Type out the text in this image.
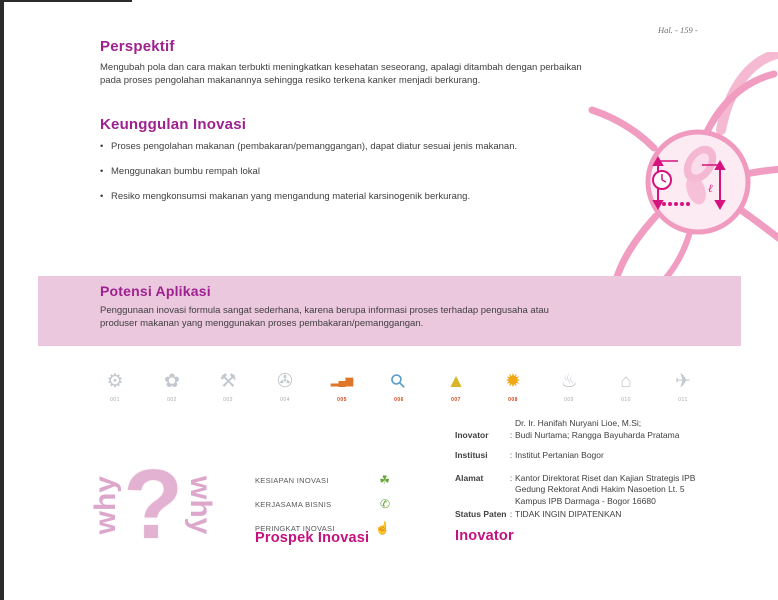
Hal. - 159 -
Perspektif
Mengubah pola dan cara makan terbukti meningkatkan kesehatan seseorang, apalagi ditambah dengan perbaikan pada proses pengolahan makanannya sehingga resiko terkena kanker menjadi berkurang.
Keunggulan Inovasi
• Proses pengolahan makanan (pembakaran/pemanggangan), dapat diatur sesuai jenis makanan.
• Menggunakan bumbu rempah lokal
• Resiko mengkonsumsi makanan yang mengandung material karsinogenik berkurang.
ℓ
Potensi Aplikasi
Penggunaan inovasi formula sangat sederhana, karena berupa informasi proses terhadap pengusaha atau produser makanan yang menggunakan proses pembakaran/pemanggangan.
⚙
001
✿
002
⚒
003
✇
004
▂▄▆
005
⚲
006
▲
007
✹
008
♨
009
⌂
010
✈
011
why ? why	KESIAPAN INOVASI	☘
KERJASAMA BISNIS	✆
PERINGKAT INOVASI	☝
Prospek Inovasi
Dr. Ir. Hanifah Nuryani Lioe, M.Si;
Inovator	: Budi Nurtama; Rangga Bayuharda Pratama
Institusi	: Institut Pertanian Bogor
Alamat	: Kantor Direktorat Riset dan Kajian Strategis IPB
Gedung Rektorat Andi Hakim Nasoetion Lt. 5
Kampus IPB Darmaga - Bogor 16680
Status Paten : TIDAK INGIN DIPATENKAN
Inovator
